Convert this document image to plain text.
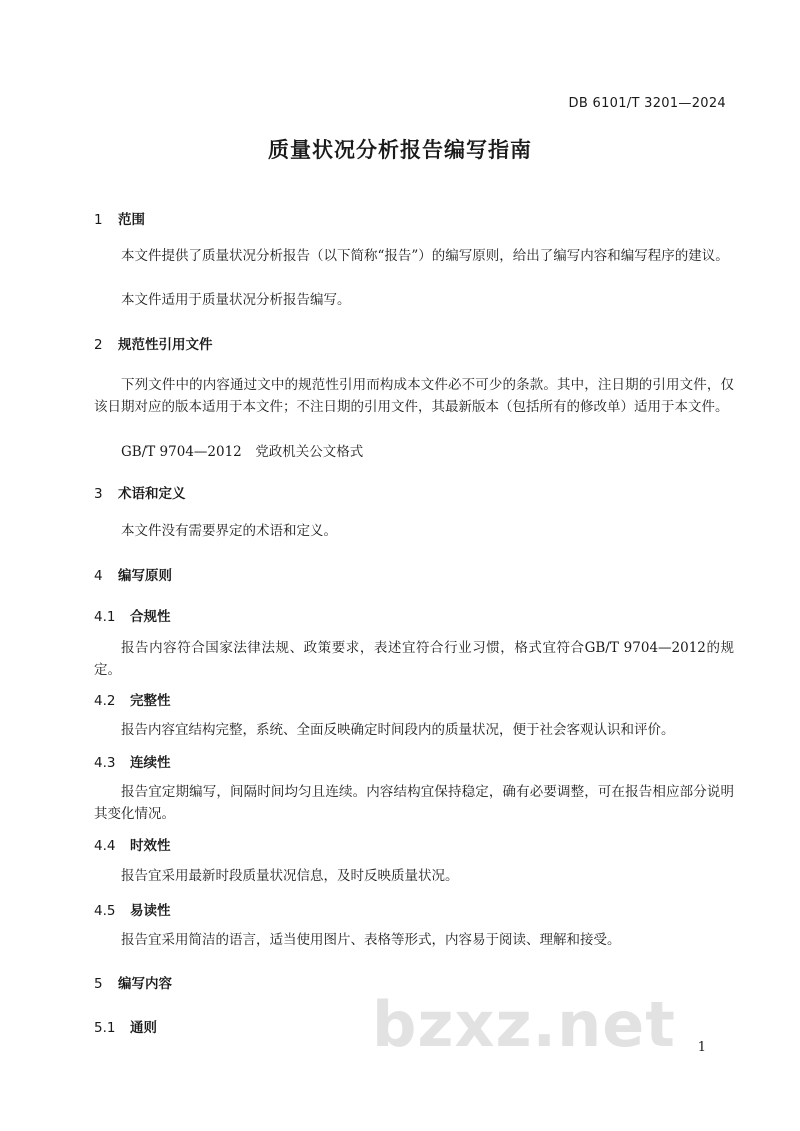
DB 6101/T 3201—2024
质量状况分析报告编写指南
1 范围
本文件提供了质量状况分析报告（以下简称“报告”）的编写原则，给出了编写内容和编写程序的建议。
本文件适用于质量状况分析报告编写。
2 规范性引用文件
下列文件中的内容通过文中的规范性引用而构成本文件必不可少的条款。其中，注日期的引用文件，仅该日期对应的版本适用于本文件；不注日期的引用文件，其最新版本（包括所有的修改单）适用于本文件。
GB/T 9704—2012　党政机关公文格式
3 术语和定义
本文件没有需要界定的术语和定义。
4 编写原则
4.1 合规性
报告内容符合国家法律法规、政策要求，表述宜符合行业习惯，格式宜符合GB/T 9704—2012的规定。
4.2 完整性
报告内容宜结构完整，系统、全面反映确定时间段内的质量状况，便于社会客观认识和评价。
4.3 连续性
报告宜定期编写，间隔时间均匀且连续。内容结构宜保持稳定，确有必要调整，可在报告相应部分说明其变化情况。
4.4 时效性
报告宜采用最新时段质量状况信息，及时反映质量状况。
4.5 易读性
报告宜采用简洁的语言，适当使用图片、表格等形式，内容易于阅读、理解和接受。
5 编写内容
5.1 通则	bzxz.net 1
